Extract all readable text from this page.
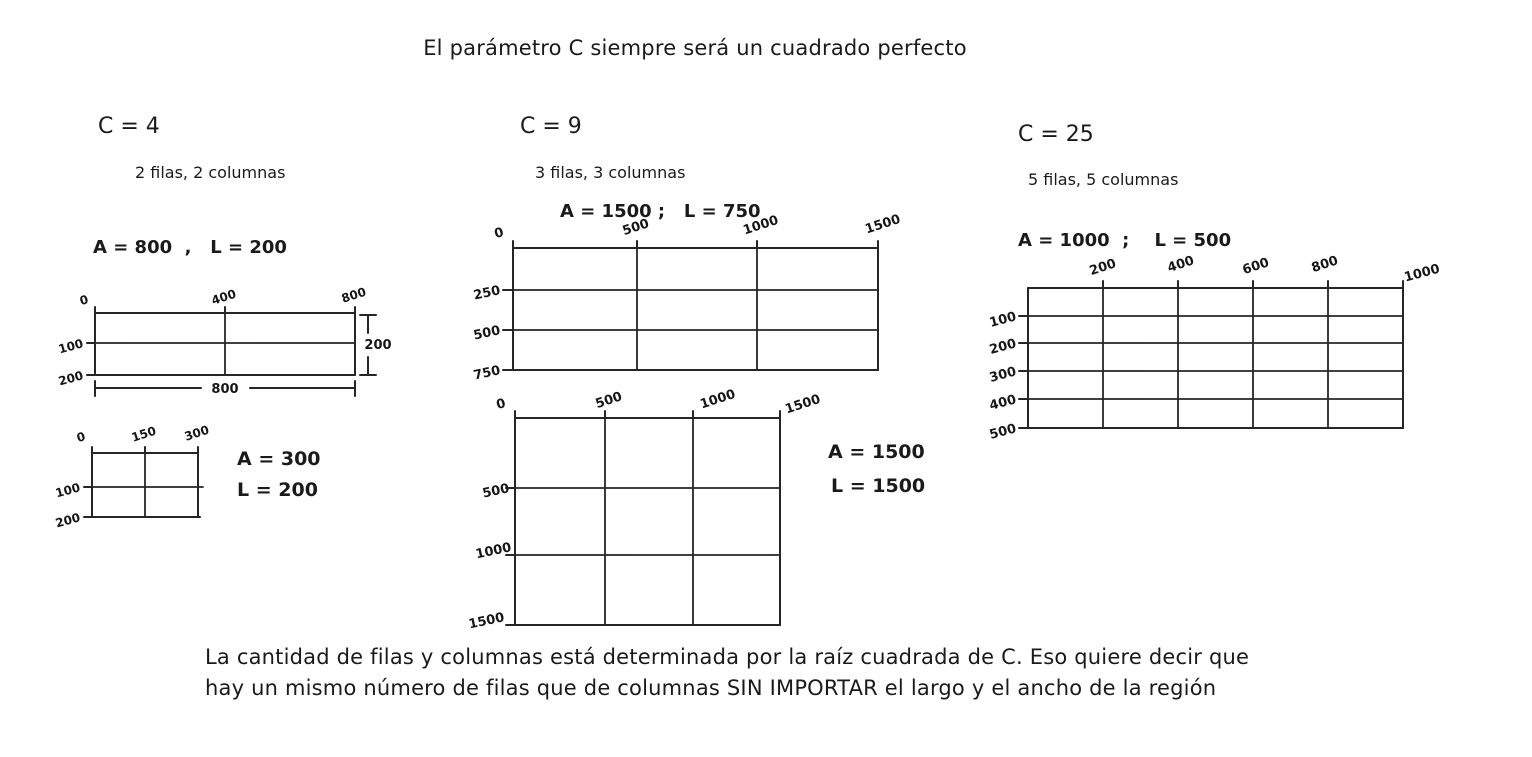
El parámetro C siempre será un cuadrado perfecto
C = 4
2 filas, 2 columnas
A = 800  ,   L = 200
0	400	800
100
200
200
800
0	150 300
100
200
A = 300
L = 200
C = 9
3 filas, 3 columnas
A = 1500 ;   L = 750
0	500	1000	1500
250
500
750
0	500	1000	1500
500
1000
1500
A = 1500
L = 1500
C = 25
5 filas, 5 columnas
A = 1000  ;    L = 500
200	400	600	800	1000
100
200
300
400
500
La cantidad de filas y columnas está determinada por la raíz cuadrada de C. Eso quiere decir que
hay un mismo número de filas que de columnas SIN IMPORTAR el largo y el ancho de la región
